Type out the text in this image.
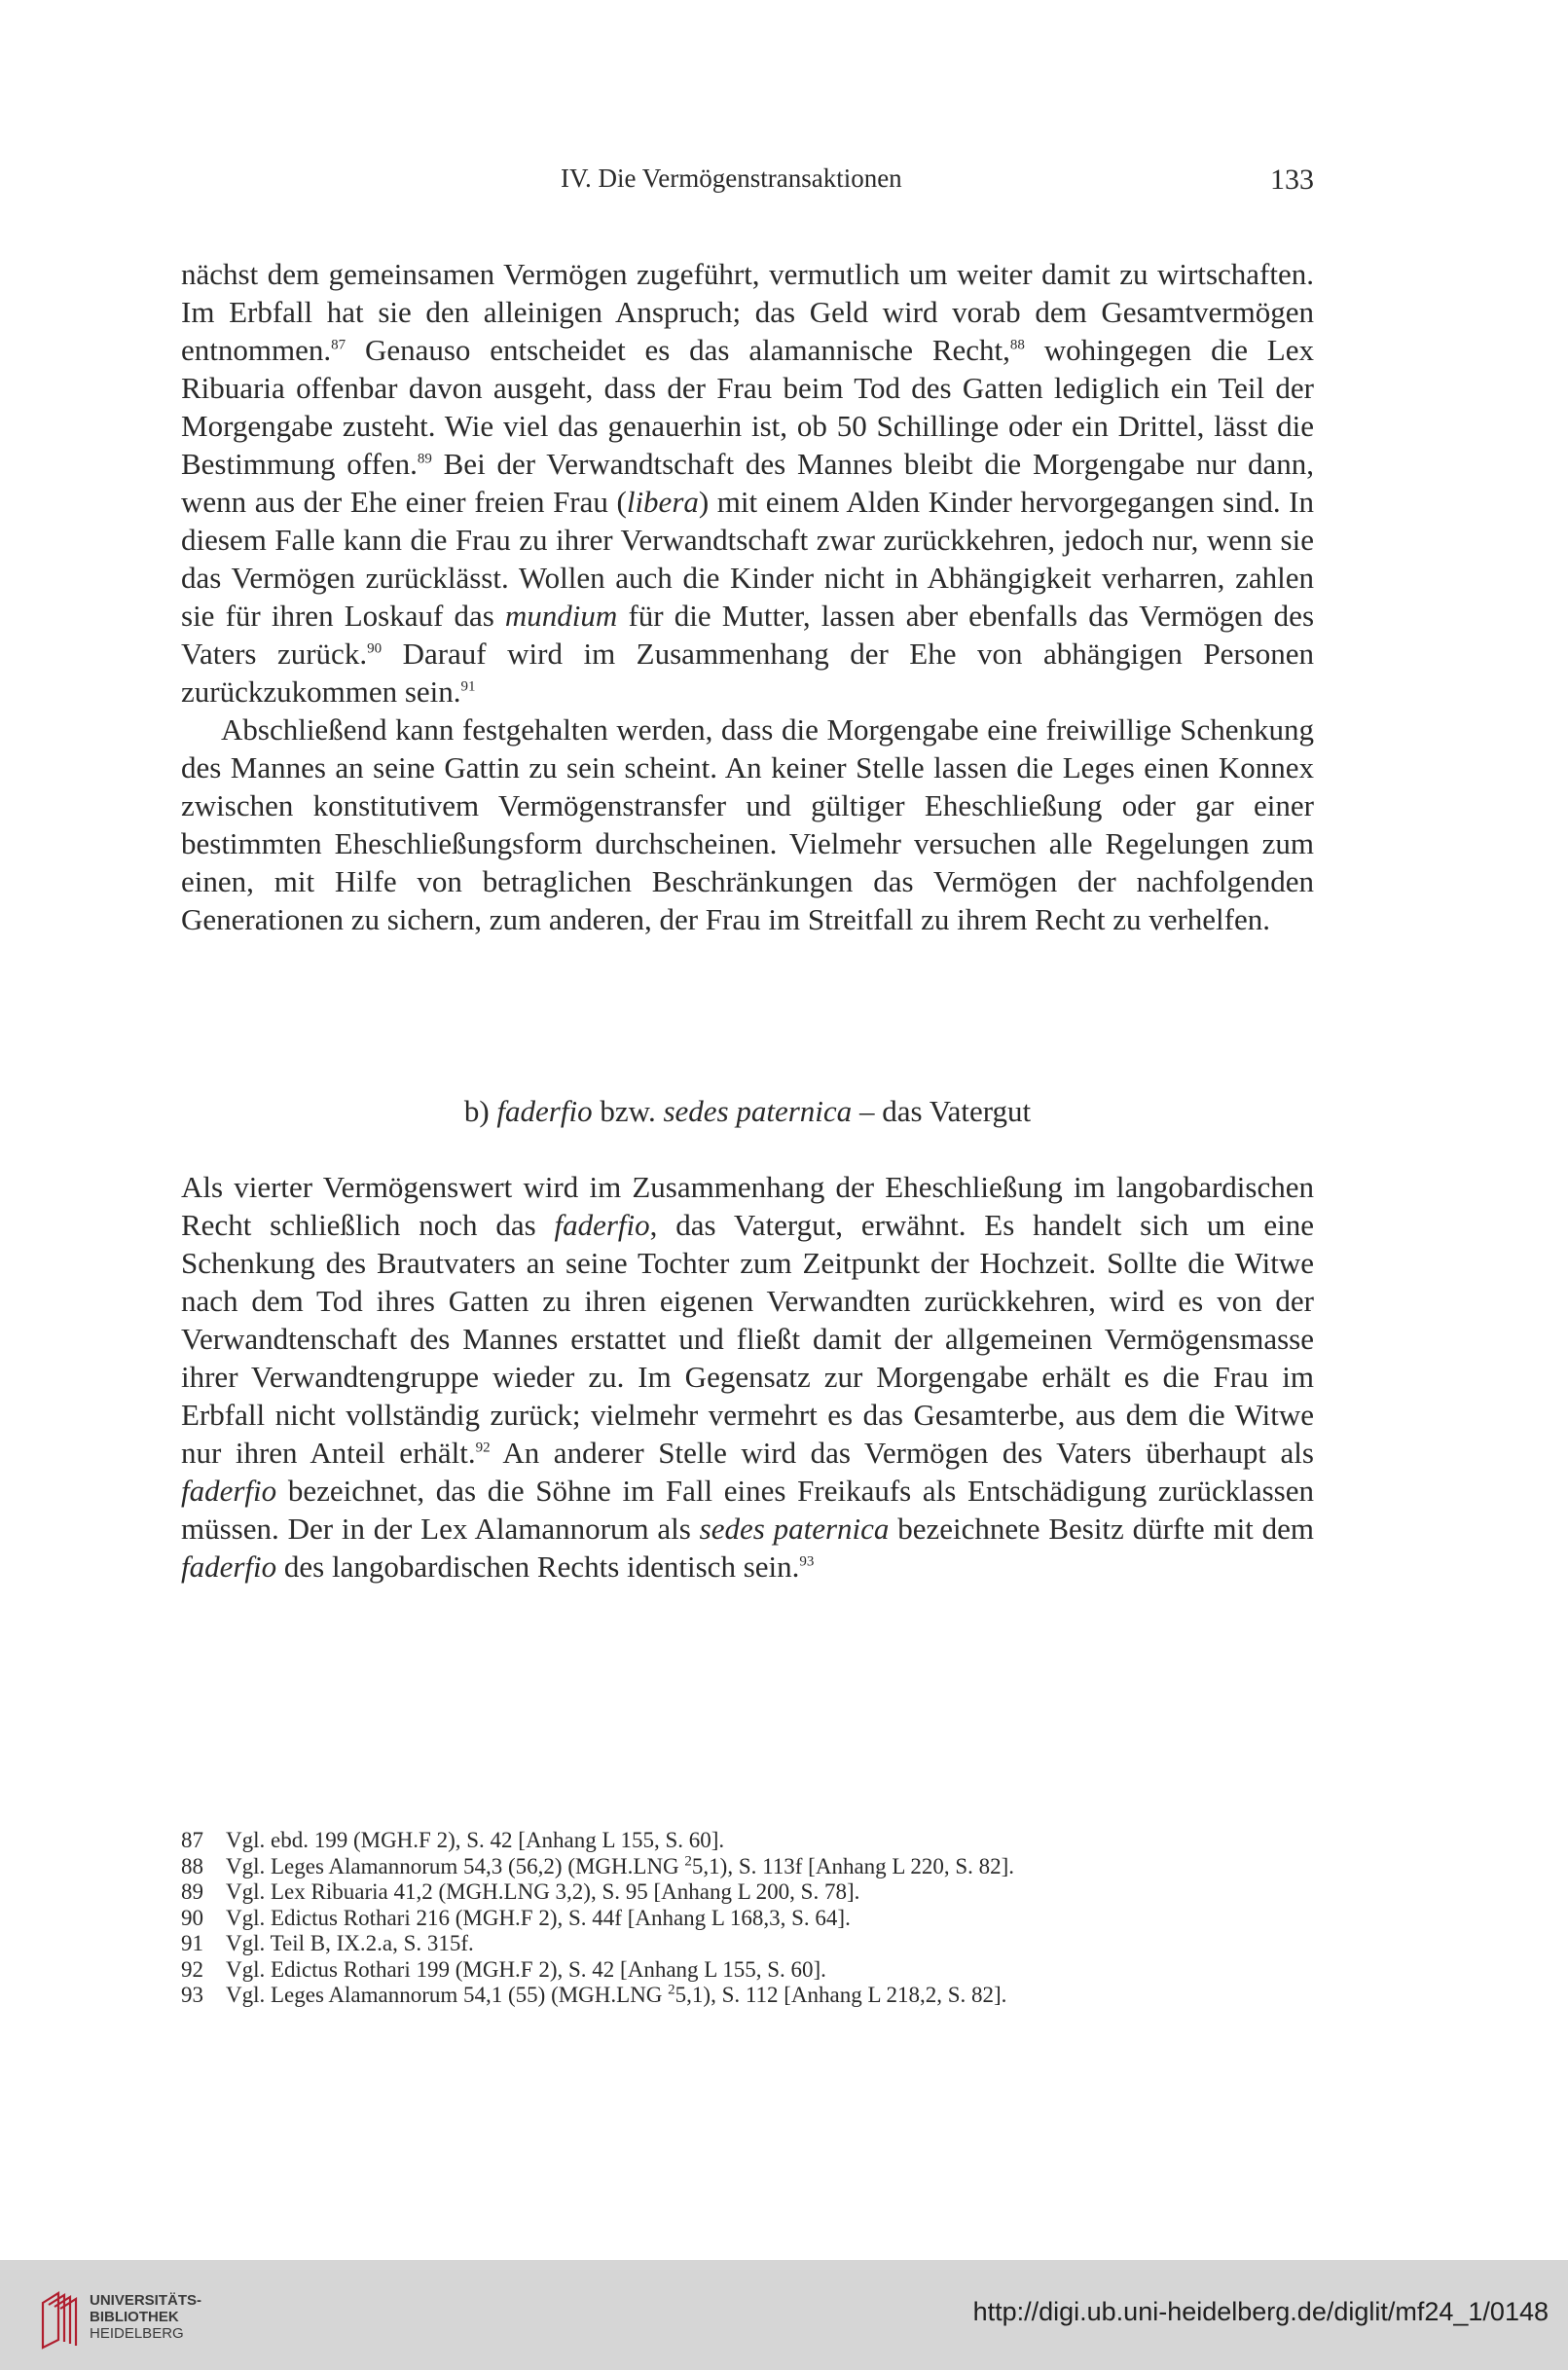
IV. Die Vermögenstransaktionen	133

nächst dem gemeinsamen Vermögen zugeführt, vermutlich um weiter damit zu wirtschaften. Im Erbfall hat sie den alleinigen Anspruch; das Geld wird vorab dem Gesamtvermögen entnommen.$^{87}$ Genauso entscheidet es das alamannische Recht,$^{88}$ wohingegen die Lex Ribuaria offenbar davon ausgeht, dass der Frau beim Tod des Gatten lediglich ein Teil der Morgengabe zusteht. Wie viel das genauerhin ist, ob 50 Schillinge oder ein Drittel, lässt die Bestimmung offen.$^{89}$ Bei der Verwandtschaft des Mannes bleibt die Morgengabe nur dann, wenn aus der Ehe einer freien Frau (libera) mit einem Alden Kinder hervorgegangen sind. In diesem Falle kann die Frau zu ihrer Verwandtschaft zwar zurückkehren, jedoch nur, wenn sie das Vermögen zurücklässt. Wollen auch die Kinder nicht in Abhängigkeit verharren, zahlen sie für ihren Loskauf das mundium für die Mutter, lassen aber ebenfalls das Vermögen des Vaters zurück.$^{90}$ Darauf wird im Zusammenhang der Ehe von abhängigen Personen zurückzukommen sein.$^{91}$

Abschließend kann festgehalten werden, dass die Morgengabe eine freiwillige Schenkung des Mannes an seine Gattin zu sein scheint. An keiner Stelle lassen die Leges einen Konnex zwischen konstitutivem Vermögenstransfer und gültiger Eheschließung oder gar einer bestimmten Eheschließungsform durchscheinen. Vielmehr versuchen alle Regelungen zum einen, mit Hilfe von betraglichen Beschränkungen das Vermögen der nachfolgenden Generationen zu sichern, zum anderen, der Frau im Streitfall zu ihrem Recht zu verhelfen.

b) faderfio bzw. sedes paternica – das Vatergut

Als vierter Vermögenswert wird im Zusammenhang der Eheschließung im langobardischen Recht schließlich noch das faderfio, das Vatergut, erwähnt. Es handelt sich um eine Schenkung des Brautvaters an seine Tochter zum Zeitpunkt der Hochzeit. Sollte die Witwe nach dem Tod ihres Gatten zu ihren eigenen Verwandten zurückkehren, wird es von der Verwandtenschaft des Mannes erstattet und fließt damit der allgemeinen Vermögensmasse ihrer Verwandtengruppe wieder zu. Im Gegensatz zur Morgengabe erhält es die Frau im Erbfall nicht vollständig zurück; vielmehr vermehrt es das Gesamterbe, aus dem die Witwe nur ihren Anteil erhält.$^{92}$ An anderer Stelle wird das Vermögen des Vaters überhaupt als faderfio bezeichnet, das die Söhne im Fall eines Freikaufs als Entschädigung zurücklassen müssen. Der in der Lex Alamannorum als sedes paternica bezeichnete Besitz dürfte mit dem faderfio des langobardischen Rechts identisch sein.$^{93}$

87	Vgl. ebd. 199 (MGH.F 2), S. 42 [Anhang L 155, S. 60].
88	Vgl. Leges Alamannorum 54,3 (56,2) (MGH.LNG $^2$5,1), S. 113f [Anhang L 220, S. 82].
89	Vgl. Lex Ribuaria 41,2 (MGH.LNG 3,2), S. 95 [Anhang L 200, S. 78].
90	Vgl. Edictus Rothari 216 (MGH.F 2), S. 44f [Anhang L 168,3, S. 64].
91	Vgl. Teil B, IX.2.a, S. 315f.
92	Vgl. Edictus Rothari 199 (MGH.F 2), S. 42 [Anhang L 155, S. 60].
93	Vgl. Leges Alamannorum 54,1 (55) (MGH.LNG $^2$5,1), S. 112 [Anhang L 218,2, S. 82].
UNIVERSITÄTS-
BIBLIOTHEK
HEIDELBERG
http://digi.ub.uni-heidelberg.de/diglit/mf24_1/0148
